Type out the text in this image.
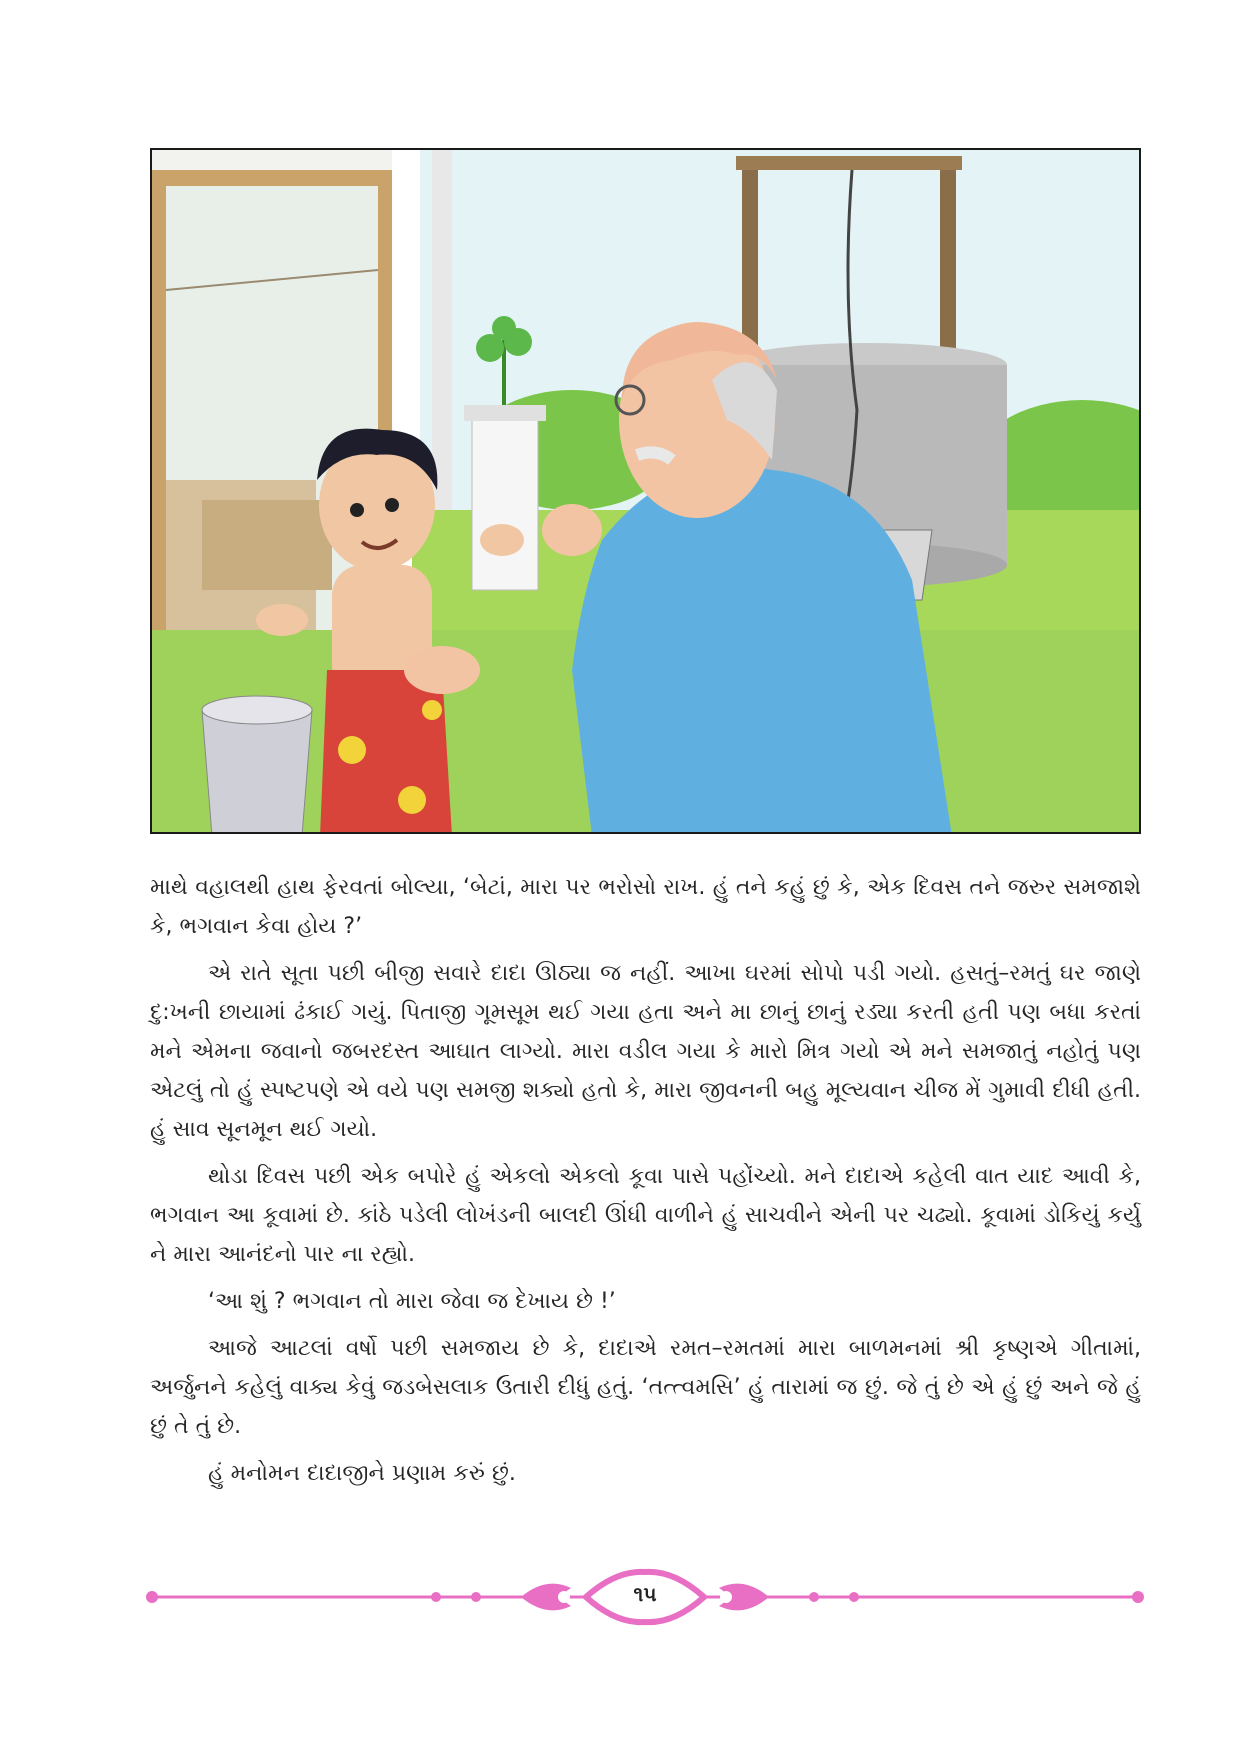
માથે વહાલથી હાથ ફેરવતાં બોલ્યા, ‘બેટાં, મારા પર ભરોસો રાખ. હું તને કહું છું કે, એક દિવસ તને જરુર સમજાશે કે, ભગવાન કેવા હોય ?’

એ રાતે સૂતા પછી બીજી સવારે દાદા ઊઠ્યા જ નહીં. આખા ઘરમાં સોપો પડી ગયો. હસતું–રમતું ઘર જાણે દુ:ખની છાયામાં ઢંકાઈ ગયું. પિતાજી ગૂમસૂમ થઈ ગયા હતા અને મા છાનું છાનું રડ્યા કરતી હતી પણ બધા કરતાં મને એમના જવાનો જબરદસ્ત આઘાત લાગ્યો. મારા વડીલ ગયા કે મારો મિત્ર ગયો એ મને સમજાતું નહોતું પણ એટલું તો હું સ્પષ્ટપણે એ વયે પણ સમજી શક્યો હતો કે, મારા જીવનની બહુ મૂલ્યવાન ચીજ મેં ગુમાવી દીધી હતી. હું સાવ સૂનમૂન થઈ ગયો.

થોડા દિવસ પછી એક બપોરે હું એકલો એકલો કૂવા પાસે પહોંચ્યો. મને દાદાએ કહેલી વાત યાદ આવી કે, ભગવાન આ કૂવામાં છે. કાંઠે પડેલી લોખંડની બાલદી ઊંધી વાળીને હું સાચવીને એની પર ચઢ્યો. કૂવામાં ડોકિયું કર્યુ ને મારા આનંદનો પાર ના રહ્યો.

‘આ શું ? ભગવાન તો મારા જેવા જ દેખાય છે !’

આજે આટલાં વર્ષો પછી સમજાય છે કે, દાદાએ રમત–રમતમાં મારા બાળમનમાં શ્રી કૃષ્ણએ ગીતામાં, અર્જુનને કહેલું વાક્ય કેવું જડબેસલાક ઉતારી દીધું હતું. ‘તત્ત્વમસિ’ હું તારામાં જ છું. જે તું છે એ હું છું અને જે હું છું તે તું છે.

હું મનોમન દાદાજીને પ્રણામ કરું છું.

૧૫
